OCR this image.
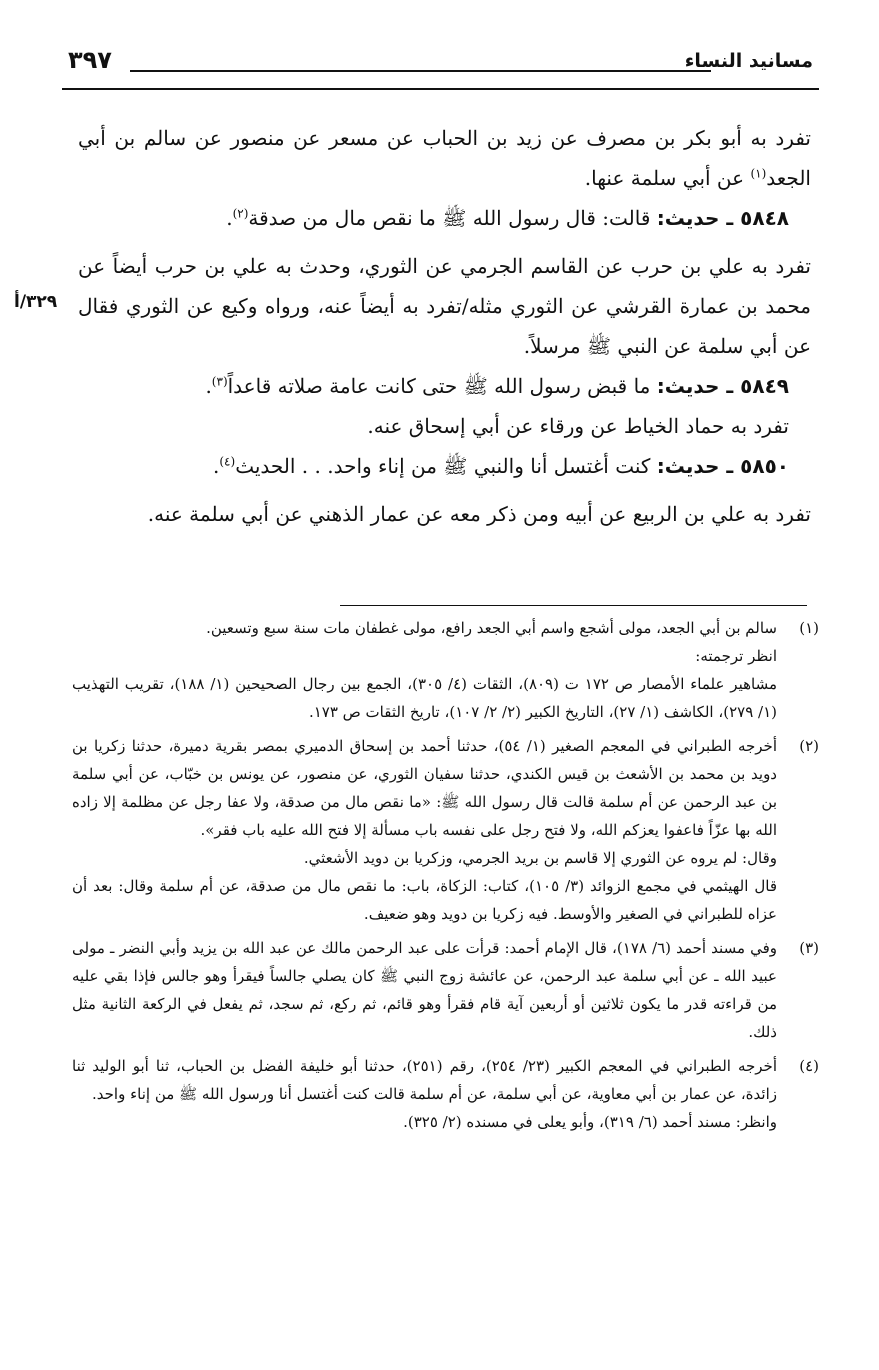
مسانيد النساء
٣٩٧
٣٢٩/أ

تفرد به أبو بكر بن مصرف عن زيد بن الحباب عن مسعر عن منصور عن سالم بن أبي الجعد$^{(١)}$ عن أبي سلمة عنها.

٥٨٤٨ ـ حديث: قالت: قال رسول الله ﷺ ما نقص مال من صدقة$^{(٢)}$.

تفرد به علي بن حرب عن القاسم الجرمي عن الثوري، وحدث به علي بن حرب أيضاً عن محمد بن عمارة القرشي عن الثوري مثله/تفرد به أيضاً عنه، ورواه وكيع عن الثوري فقال عن أبي سلمة عن النبي ﷺ مرسلاً.

٥٨٤٩ ـ حديث: ما قبض رسول الله ﷺ حتى كانت عامة صلاته قاعداً$^{(٣)}$.

تفرد به حماد الخياط عن ورقاء عن أبي إسحاق عنه.

٥٨٥٠ ـ حديث: كنت أغتسل أنا والنبي ﷺ من إناء واحد. . . الحديث$^{(٤)}$.

تفرد به علي بن الربيع عن أبيه ومن ذكر معه عن عمار الذهني عن أبي سلمة عنه.

(١)

سالم بن أبي الجعد، مولى أشجع واسم أبي الجعد رافع، مولى غطفان مات سنة سبع وتسعين.

انظر ترجمته:

مشاهير علماء الأمصار ص ١٧٢ ت (٨٠٩)، الثقات (٤/ ٣٠٥)، الجمع بين رجال الصحيحين (١/ ١٨٨)، تقريب التهذيب (١/ ٢٧٩)، الكاشف (١/ ٢٧)، التاريخ الكبير (٢/ ٢/ ١٠٧)، تاريخ الثقات ص ١٧٣.

(٢)

أخرجه الطبراني في المعجم الصغير (١/ ٥٤)، حدثنا أحمد بن إسحاق الدميري بمصر بقرية دميرة، حدثنا زكريا بن دويد بن محمد بن الأشعث بن قيس الكندي، حدثنا سفيان الثوري، عن منصور، عن يونس بن خبّاب، عن أبي سلمة بن عبد الرحمن عن أم سلمة قالت قال رسول الله ﷺ: «ما نقص مال من صدقة، ولا عفا رجل عن مظلمة إلا زاده الله بها عزّاً فاعفوا يعزكم الله، ولا فتح رجل على نفسه باب مسألة إلا فتح الله عليه باب فقر».

وقال: لم يروه عن الثوري إلا قاسم بن بريد الجرمي، وزكريا بن دويد الأشعثي.

قال الهيثمي في مجمع الزوائد (٣/ ١٠٥)، كتاب: الزكاة، باب: ما نقص مال من صدقة، عن أم سلمة وقال: بعد أن عزاه للطبراني في الصغير والأوسط. فيه زكريا بن دويد وهو ضعيف.

(٣)

وفي مسند أحمد (٦/ ١٧٨)، قال الإمام أحمد: قرأت على عبد الرحمن مالك عن عبد الله بن يزيد وأبي النضر ـ مولى عبيد الله ـ عن أبي سلمة عبد الرحمن، عن عائشة زوج النبي ﷺ كان يصلي جالساً فيقرأ وهو جالس فإذا بقي عليه من قراءته قدر ما يكون ثلاثين أو أربعين آية قام فقرأ وهو قائم، ثم ركع، ثم سجد، ثم يفعل في الركعة الثانية مثل ذلك.

(٤)

أخرجه الطبراني في المعجم الكبير (٢٣/ ٢٥٤)، رقم (٢٥١)، حدثنا أبو خليفة الفضل بن الحباب، ثنا أبو الوليد ثنا زائدة، عن عمار بن أبي معاوية، عن أبي سلمة، عن أم سلمة قالت كنت أغتسل أنا ورسول الله ﷺ من إناء واحد.

وانظر: مسند أحمد (٦/ ٣١٩)، وأبو يعلى في مسنده (٢/ ٣٢٥).
